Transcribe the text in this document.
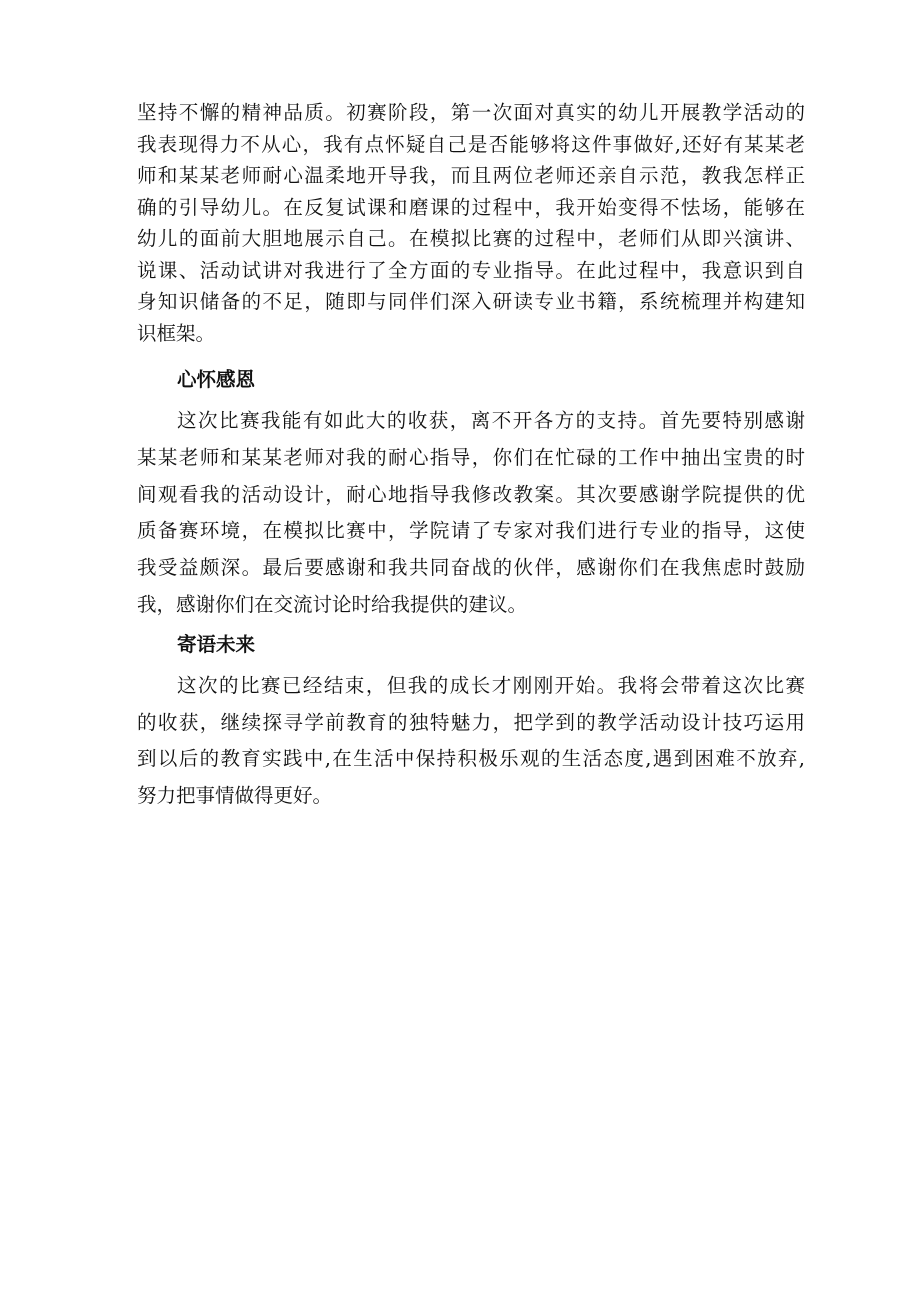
坚持不懈的精神品质。初赛阶段，第一次面对真实的幼儿开展教学活动的
我表现得力不从心，我有点怀疑自己是否能够将这件事做好,还好有某某老
师和某某老师耐心温柔地开导我，而且两位老师还亲自示范，教我怎样正
确的引导幼儿。在反复试课和磨课的过程中，我开始变得不怯场，能够在
幼儿的面前大胆地展示自己。在模拟比赛的过程中，老师们从即兴演讲、
说课、活动试讲对我进行了全方面的专业指导。在此过程中，我意识到自
身知识储备的不足，随即与同伴们深入研读专业书籍，系统梳理并构建知
识框架。
心怀感恩
这次比赛我能有如此大的收获，离不开各方的支持。首先要特别感谢
某某老师和某某老师对我的耐心指导，你们在忙碌的工作中抽出宝贵的时
间观看我的活动设计，耐心地指导我修改教案。其次要感谢学院提供的优
质备赛环境，在模拟比赛中，学院请了专家对我们进行专业的指导，这使
我受益颇深。最后要感谢和我共同奋战的伙伴，感谢你们在我焦虑时鼓励
我，感谢你们在交流讨论时给我提供的建议。
寄语未来
这次的比赛已经结束，但我的成长才刚刚开始。我将会带着这次比赛
的收获，继续探寻学前教育的独特魅力，把学到的教学活动设计技巧运用
到以后的教育实践中,在生活中保持积极乐观的生活态度,遇到困难不放弃,
努力把事情做得更好。
